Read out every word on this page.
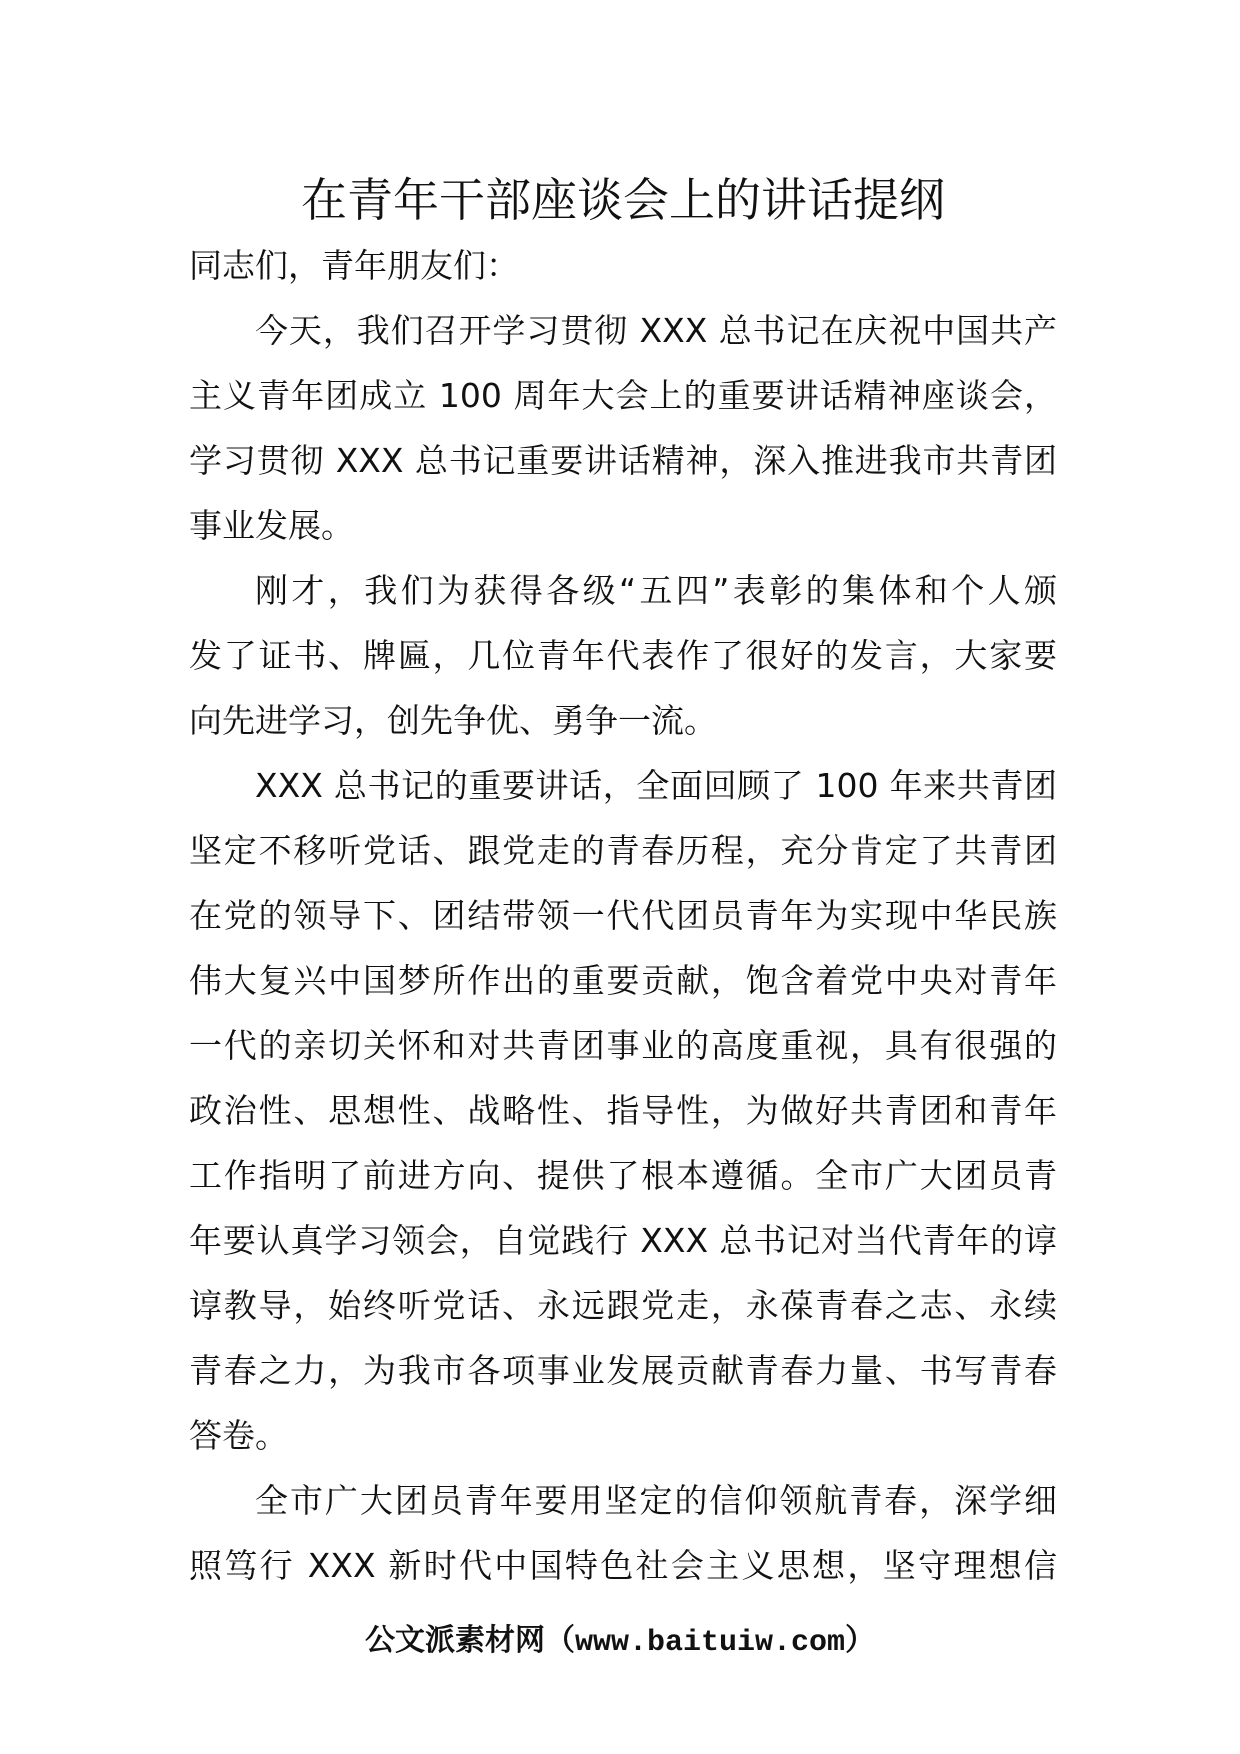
在青年干部座谈会上的讲话提纲
同志们，青年朋友们：
今天，我们召开学习贯彻 XXX 总书记在庆祝中国共产
主义青年团成立 100 周年大会上的重要讲话精神座谈会，
学习贯彻 XXX 总书记重要讲话精神，深入推进我市共青团
事业发展。
刚才，我们为获得各级“五四”表彰的集体和个人颁
发了证书、牌匾，几位青年代表作了很好的发言，大家要
向先进学习，创先争优、勇争一流。
XXX 总书记的重要讲话，全面回顾了 100 年来共青团
坚定不移听党话、跟党走的青春历程，充分肯定了共青团
在党的领导下、团结带领一代代团员青年为实现中华民族
伟大复兴中国梦所作出的重要贡献，饱含着党中央对青年
一代的亲切关怀和对共青团事业的高度重视，具有很强的
政治性、思想性、战略性、指导性，为做好共青团和青年
工作指明了前进方向、提供了根本遵循。全市广大团员青
年要认真学习领会，自觉践行 XXX 总书记对当代青年的谆
谆教导，始终听党话、永远跟党走，永葆青春之志、永续
青春之力，为我市各项事业发展贡献青春力量、书写青春
答卷。
全市广大团员青年要用坚定的信仰领航青春，深学细
照笃行 XXX 新时代中国特色社会主义思想，坚守理想信
公文派素材网（www.baituiw.com）
